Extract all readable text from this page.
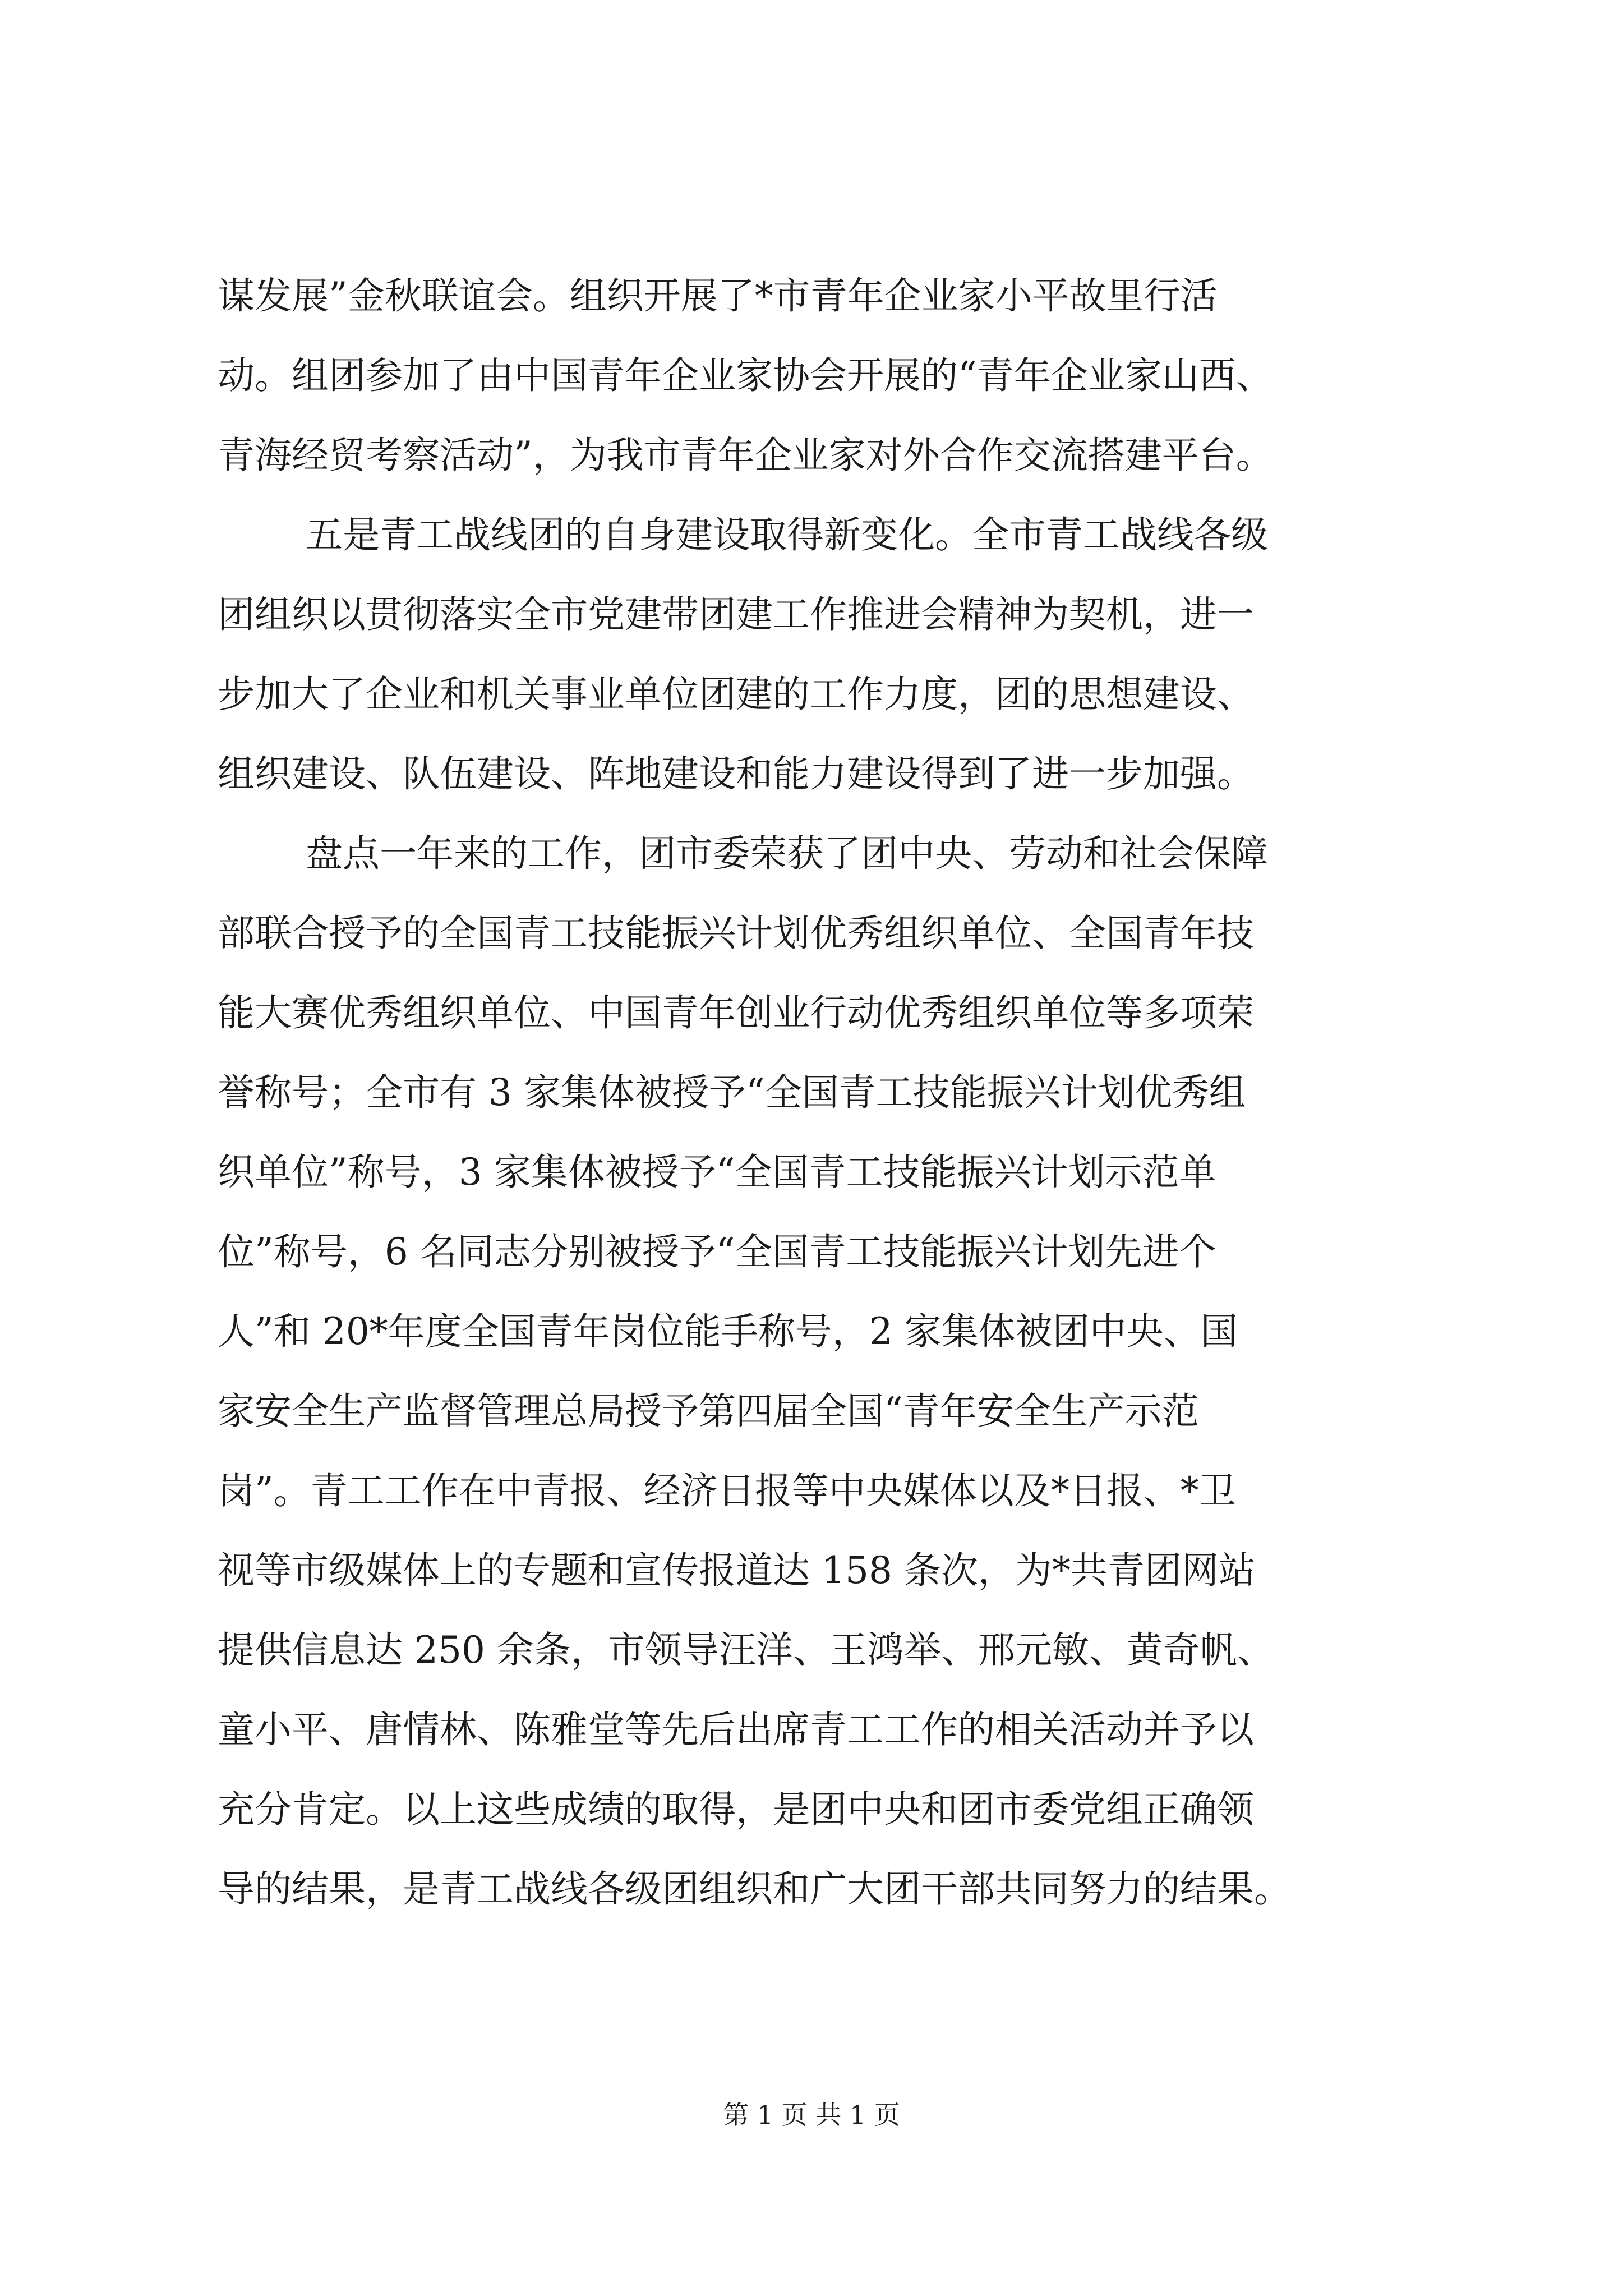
谋发展”金秋联谊会。组织开展了*市青年企业家小平故里行活

动。组团参加了由中国青年企业家协会开展的“青年企业家山西、

青海经贸考察活动”，为我市青年企业家对外合作交流搭建平台。

五是青工战线团的自身建设取得新变化。全市青工战线各级

团组织以贯彻落实全市党建带团建工作推进会精神为契机，进一

步加大了企业和机关事业单位团建的工作力度，团的思想建设、

组织建设、队伍建设、阵地建设和能力建设得到了进一步加强。

盘点一年来的工作，团市委荣获了团中央、劳动和社会保障

部联合授予的全国青工技能振兴计划优秀组织单位、全国青年技

能大赛优秀组织单位、中国青年创业行动优秀组织单位等多项荣

誉称号；全市有 3 家集体被授予“全国青工技能振兴计划优秀组

织单位”称号，3 家集体被授予“全国青工技能振兴计划示范单

位”称号，6 名同志分别被授予“全国青工技能振兴计划先进个

人”和 20*年度全国青年岗位能手称号，2 家集体被团中央、国

家安全生产监督管理总局授予第四届全国“青年安全生产示范

岗”。青工工作在中青报、经济日报等中央媒体以及*日报、*卫

视等市级媒体上的专题和宣传报道达 158 条次，为*共青团网站

提供信息达 250 余条，市领导汪洋、王鸿举、邢元敏、黄奇帆、

童小平、唐情林、陈雅堂等先后出席青工工作的相关活动并予以

充分肯定。以上这些成绩的取得，是团中央和团市委党组正确领

导的结果，是青工战线各级团组织和广大团干部共同努力的结果。

第 1 页 共 1 页
